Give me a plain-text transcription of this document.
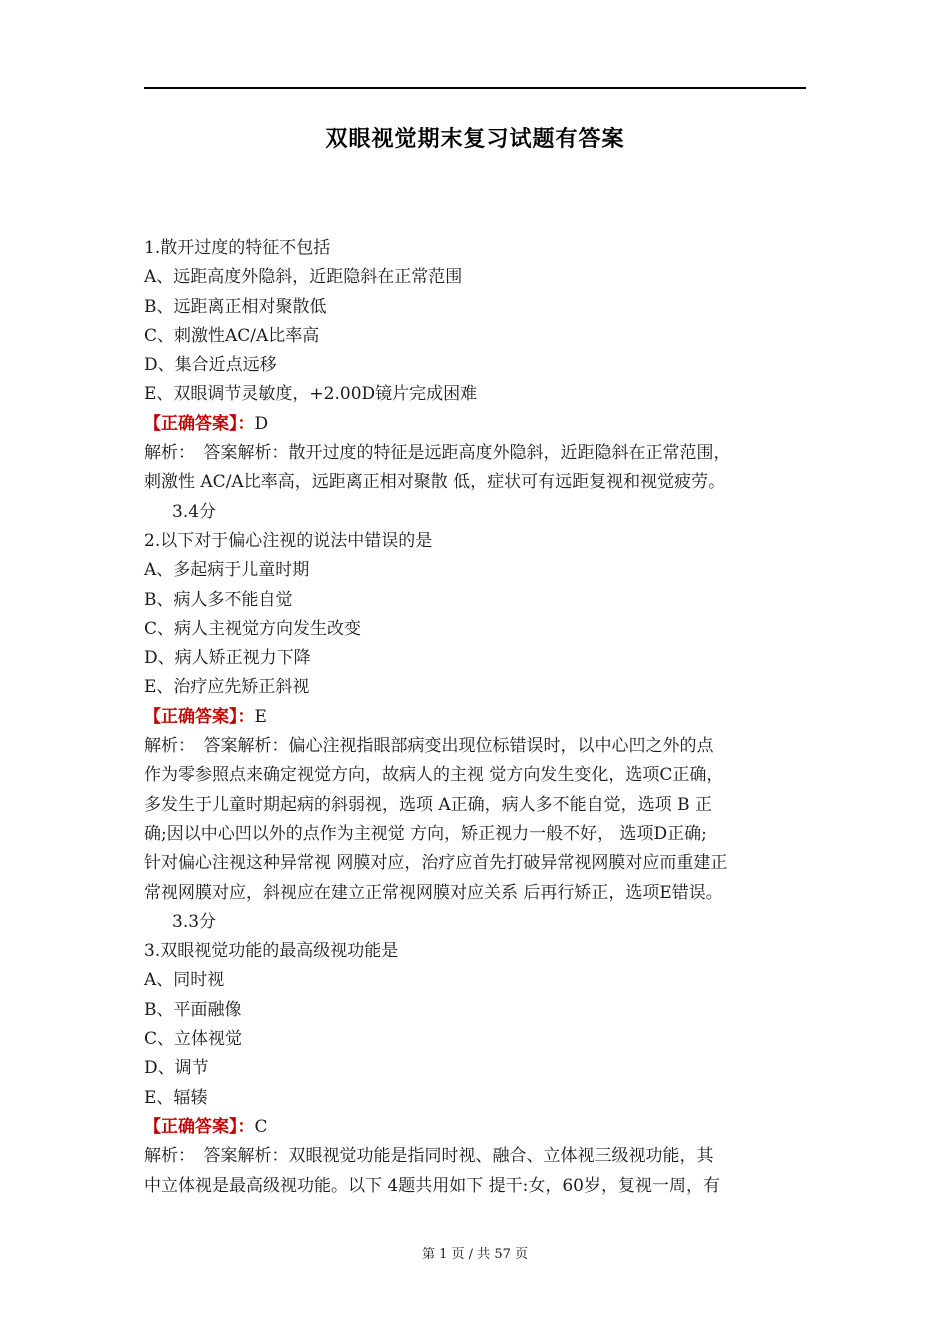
双眼视觉期末复习试题有答案
1.散开过度的特征不包括
A、远距高度外隐斜，近距隐斜在正常范围
B、远距离正相对聚散低
C、刺激性AC/A比率高
D、集合近点远移
E、双眼调节灵敏度，+2.00D镜片完成困难
【正确答案】：D
解析：　答案解析：散开过度的特征是远距高度外隐斜，近距隐斜在正常范围，
刺激性 AC/A比率高，远距离正相对聚散 低，症状可有远距复视和视觉疲劳。
3.4分
2.以下对于偏心注视的说法中错误的是
A、多起病于儿童时期
B、病人多不能自觉
C、病人主视觉方向发生改变
D、病人矫正视力下降
E、治疗应先矫正斜视
【正确答案】：E
解析：　答案解析：偏心注视指眼部病变出现位标错误时，以中心凹之外的点
作为零参照点来确定视觉方向，故病人的主视 觉方向发生变化，选项C正确，
多发生于儿童时期起病的斜弱视，选项 A正确，病人多不能自觉，选项 B 正
确;因以中心凹以外的点作为主视觉 方向，矫正视力一般不好， 选项D正确;
针对偏心注视这种异常视 网膜对应，治疗应首先打破异常视网膜对应而重建正
常视网膜对应，斜视应在建立正常视网膜对应关系 后再行矫正，选项E错误。
3.3分
3.双眼视觉功能的最高级视功能是
A、同时视
B、平面融像
C、立体视觉
D、调节
E、辐辏
【正确答案】：C
解析：　答案解析：双眼视觉功能是指同时视、融合、立体视三级视功能，其
中立体视是最高级视功能。以下 4题共用如下 提干:女，60岁，复视一周，有
第 1 页 / 共 57 页
